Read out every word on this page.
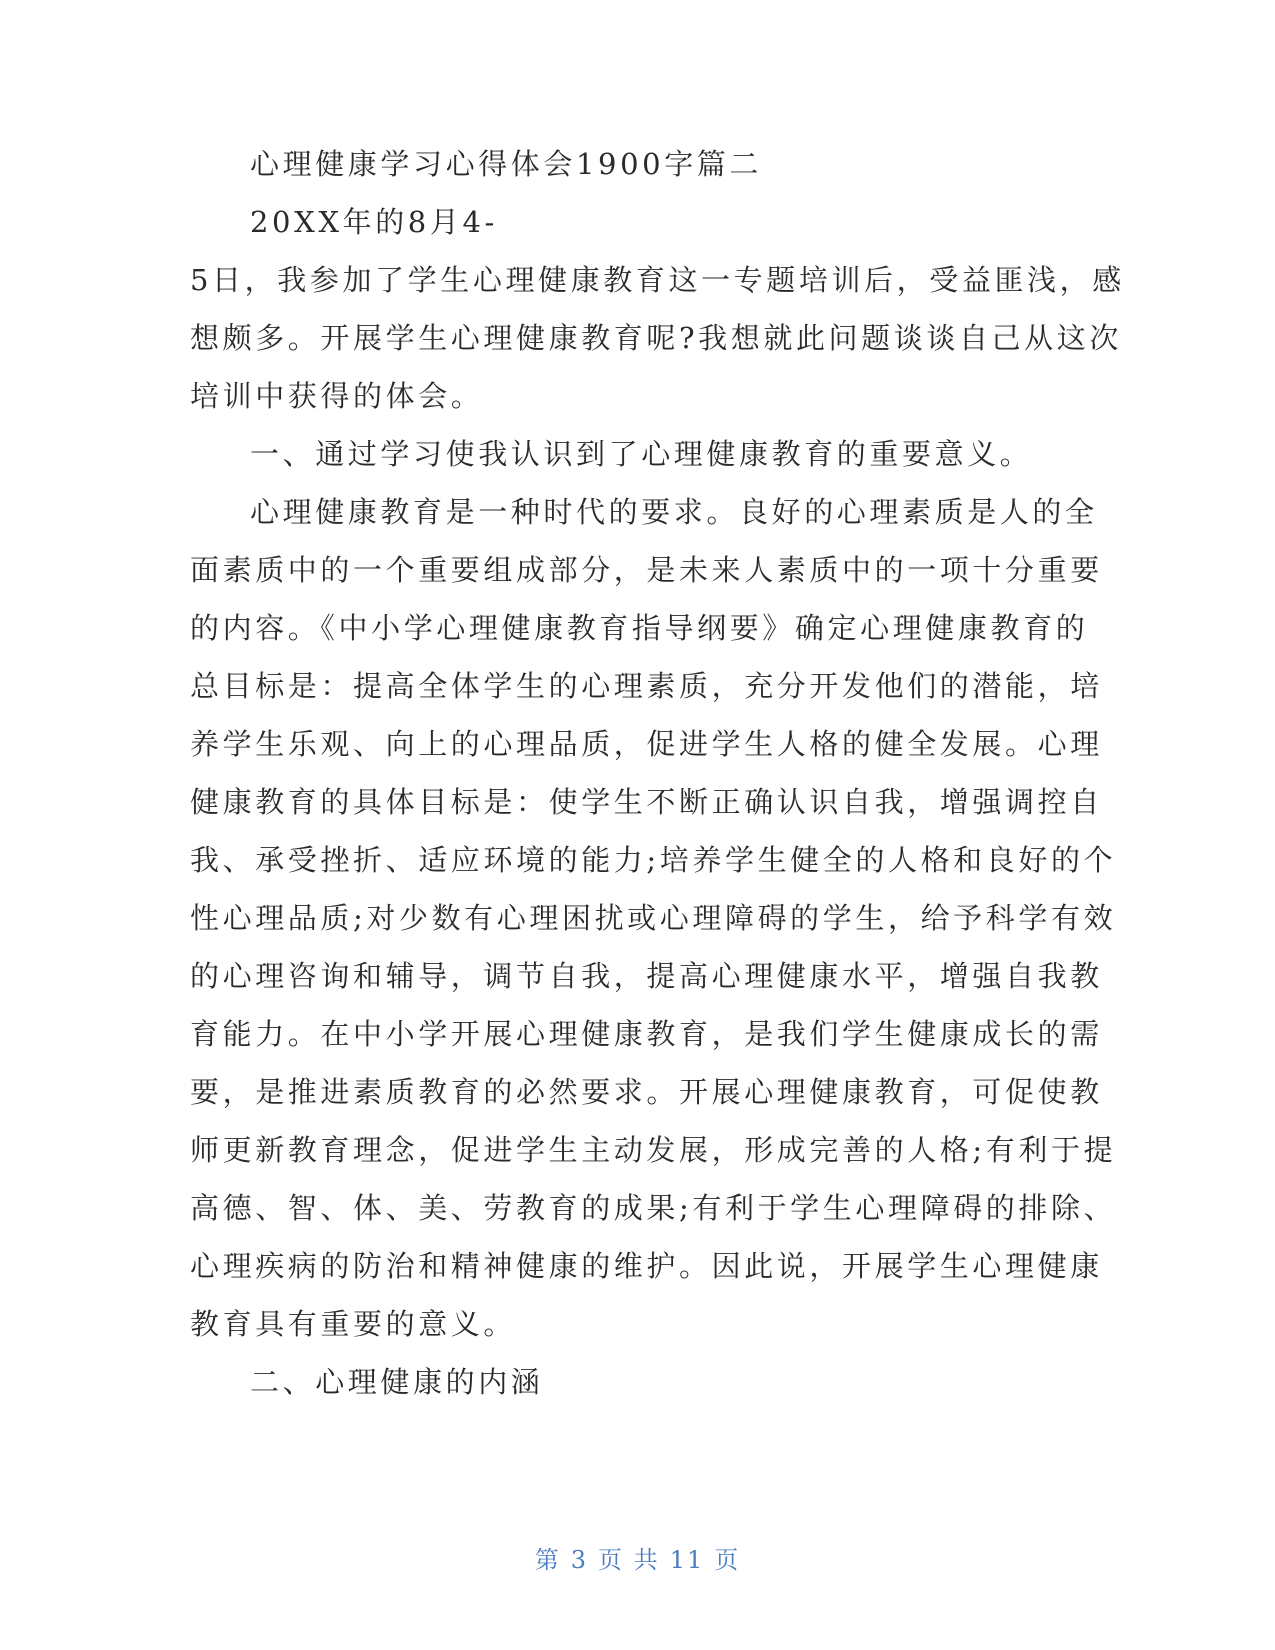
心理健康学习心得体会1900字篇二
20XX年的8月4-
5日，我参加了学生心理健康教育这一专题培训后，受益匪浅，感
想颇多。开展学生心理健康教育呢?我想就此问题谈谈自己从这次
培训中获得的体会。
一、通过学习使我认识到了心理健康教育的重要意义。
心理健康教育是一种时代的要求。良好的心理素质是人的全
面素质中的一个重要组成部分，是未来人素质中的一项十分重要
的内容。《中小学心理健康教育指导纲要》确定心理健康教育的
总目标是：提高全体学生的心理素质，充分开发他们的潜能，培
养学生乐观、向上的心理品质，促进学生人格的健全发展。心理
健康教育的具体目标是：使学生不断正确认识自我，增强调控自
我、承受挫折、适应环境的能力;培养学生健全的人格和良好的个
性心理品质;对少数有心理困扰或心理障碍的学生，给予科学有效
的心理咨询和辅导，调节自我，提高心理健康水平，增强自我教
育能力。在中小学开展心理健康教育，是我们学生健康成长的需
要，是推进素质教育的必然要求。开展心理健康教育，可促使教
师更新教育理念，促进学生主动发展，形成完善的人格;有利于提
高德、智、体、美、劳教育的成果;有利于学生心理障碍的排除、
心理疾病的防治和精神健康的维护。因此说，开展学生心理健康
教育具有重要的意义。
二、心理健康的内涵
第 3 页 共 11 页
